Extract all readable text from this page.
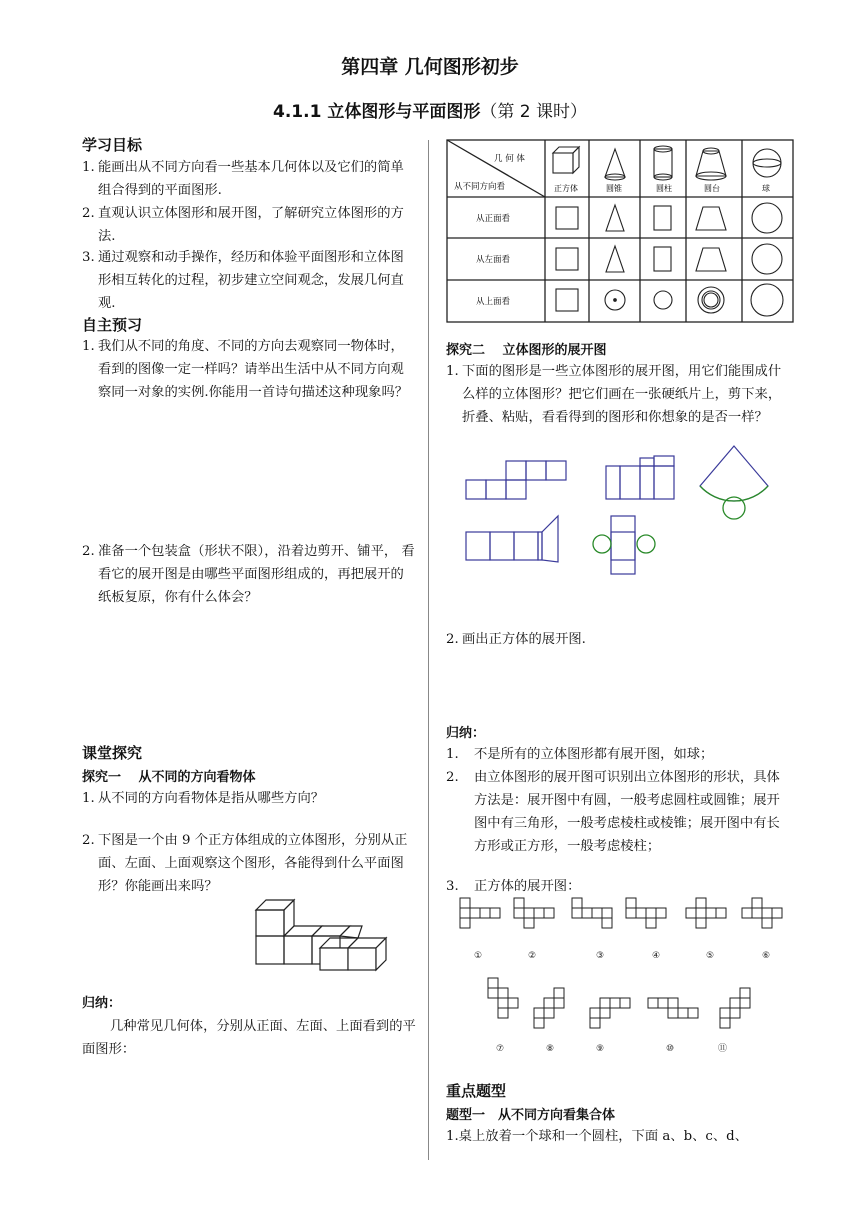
第四章 几何图形初步
4.1.1 立体图形与平面图形（第 2 课时）
学习目标
1. 能画出从不同方向看一些基本几何体以及它们的简单组合得到的平面图形.
2. 直观认识立体图形和展开图，了解研究立体图形的方法.
3. 通过观察和动手操作，经历和体验平面图形和立体图形相互转化的过程，初步建立空间观念，发展几何直观.
自主预习
1. 我们从不同的角度、不同的方向去观察同一物体时，看到的图像一定一样吗？请举出生活中从不同方向观察同一对象的实例.你能用一首诗句描述这种现象吗？
2. 准备一个包装盒（形状不限），沿着边剪开、铺平， 看看它的展开图是由哪些平面图形组成的，再把展开的纸板复原，你有什么体会？
课堂探究
探究一　 从不同的方向看物体
1. 从不同的方向看物体是指从哪些方向？
2. 下图是一个由 9 个正方体组成的立体图形，分别从正面、左面、上面观察这个图形，各能得到什么平面图形？你能画出来吗？
归纳：
几种常见几何体，分别从正面、左面、上面看到的平面图形：
几 何 体
从不同方向看	正方体	圆锥	圆柱	圆台	球
从正面看
从左面看
从上面看
探究二　 立体图形的展开图
1. 下面的图形是一些立体图形的展开图，用它们能围成什么样的立体图形？把它们画在一张硬纸片上，剪下来，折叠、粘贴，看看得到的图形和你想象的是否一样？
2. 画出正方体的展开图.
归纳：
1.	不是所有的立体图形都有展开图，如球；
2.	由立体图形的展开图可识别出立体图形的形状，具体方法是：展开图中有圆，一般考虑圆柱或圆锥；展开图中有三角形，一般考虑棱柱或棱锥；展开图中有长方形或正方形，一般考虑棱柱；
3.	正方体的展开图：
①	②	③	④	⑤	⑥
⑦	⑧	⑨	⑩	⑪
重点题型
题型一　从不同方向看集合体
1.桌上放着一个球和一个圆柱，下面 a、b、c、d、
